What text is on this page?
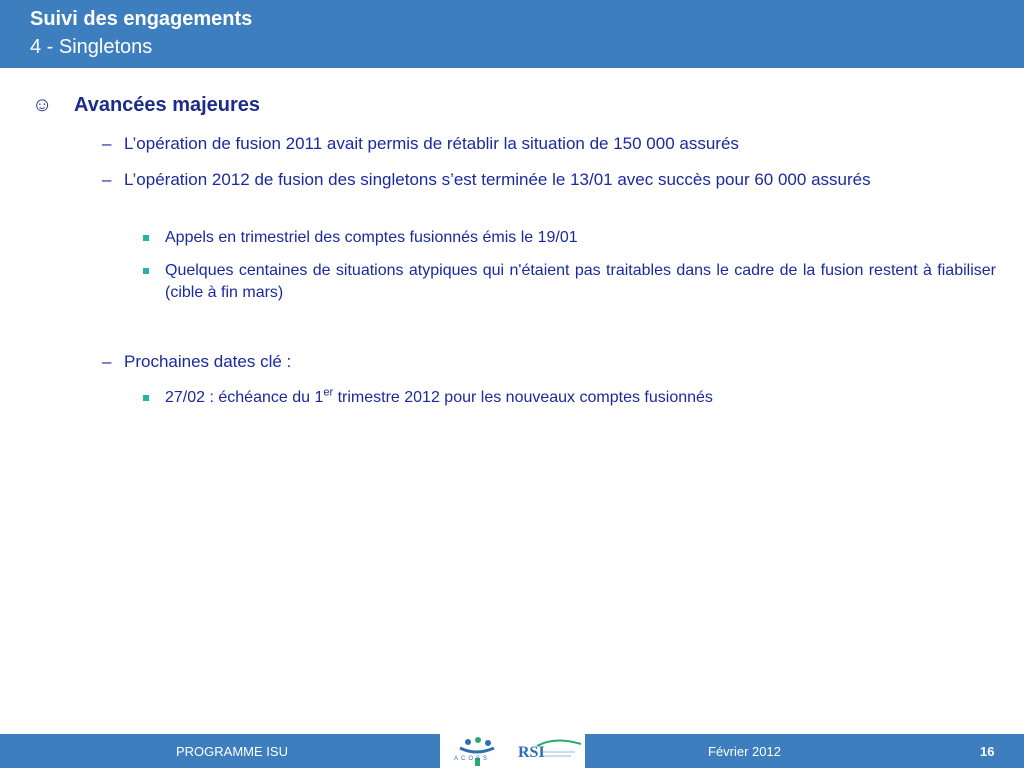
Suivi des engagements
4 - Singletons
☺ Avancées majeures
– L’opération de fusion 2011 avait permis de rétablir la situation de 150 000 assurés
– L’opération 2012 de fusion des singletons s’est terminée le 13/01 avec succès pour 60 000 assurés
Appels en trimestriel des comptes fusionnés émis le 19/01
Quelques centaines de situations atypiques qui n'étaient pas traitables dans le cadre de la fusion restent à fiabiliser (cible à fin mars)
– Prochaines dates clé :
27/02 : échéance du 1er trimestre 2012 pour les nouveaux comptes fusionnés
PROGRAMME ISU	ACOSS RSI	Février 2012	16
